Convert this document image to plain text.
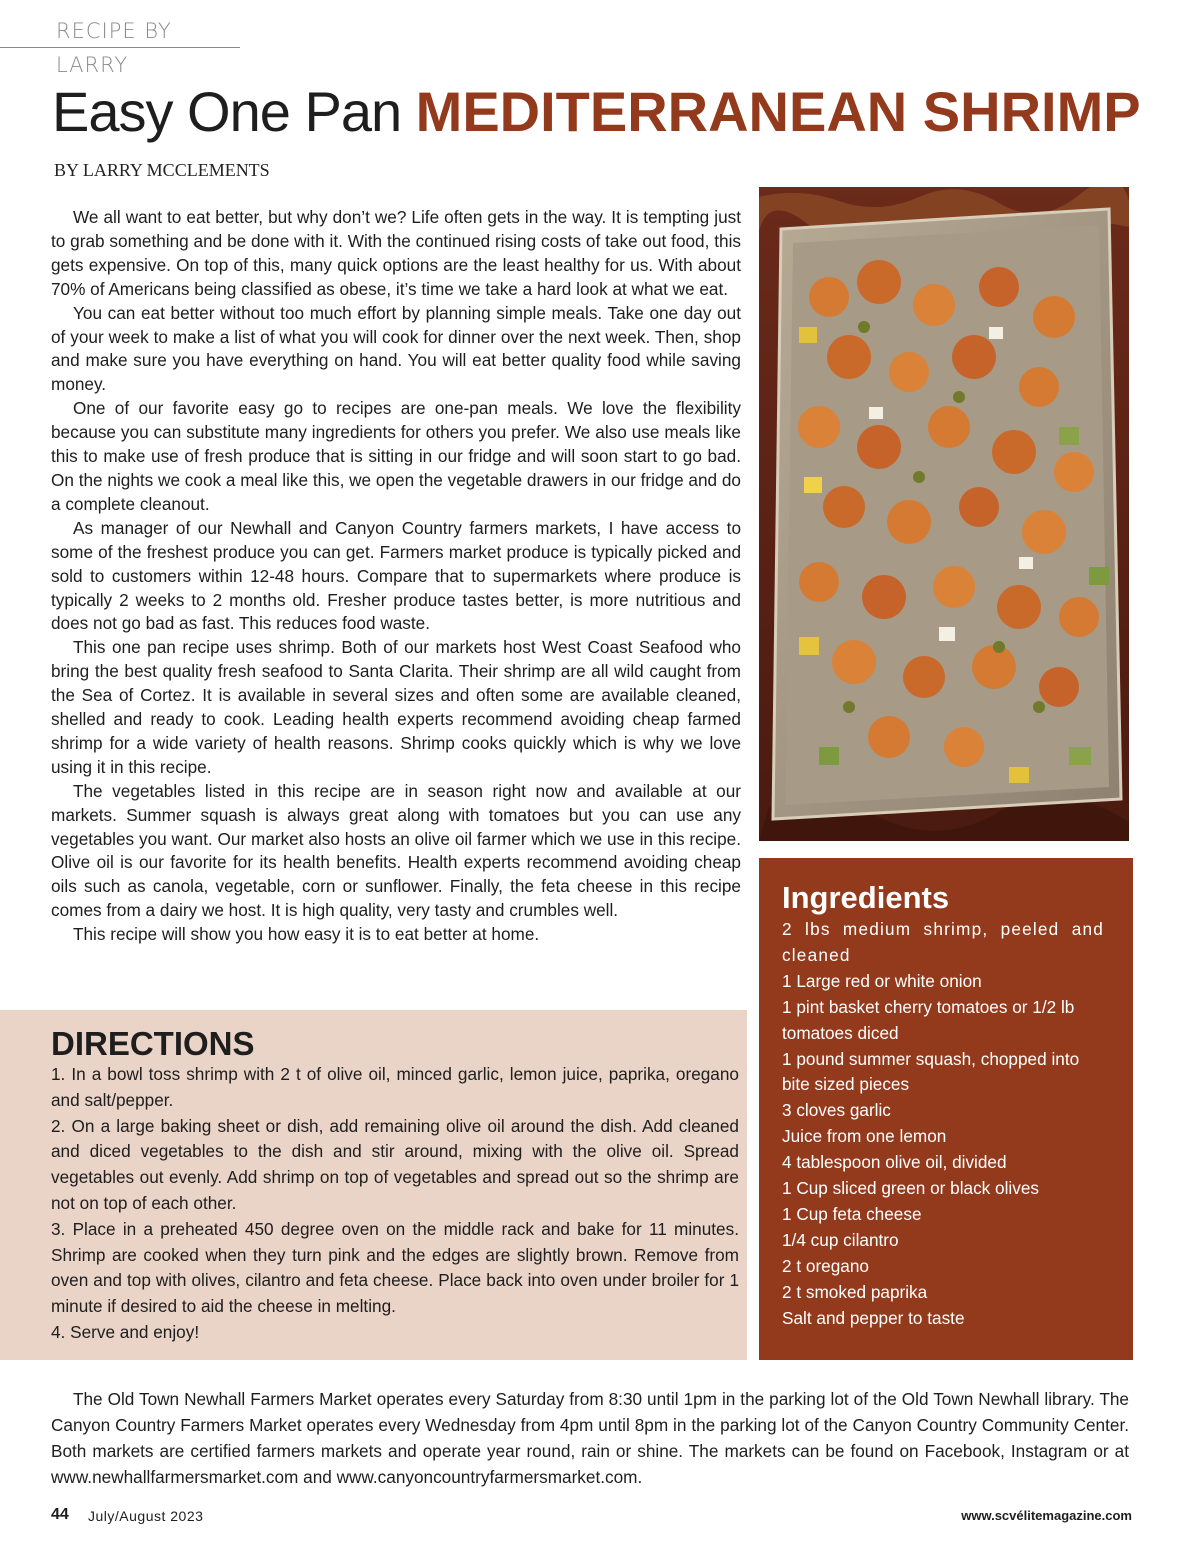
RECIPE BY LARRY
Easy One Pan MEDITERRANEAN SHRIMP
BY LARRY MCCLEMENTS

We all want to eat better, but why don’t we? Life often gets in the way. It is tempting just to grab something and be done with it. With the continued rising costs of take out food, this gets expensive. On top of this, many quick options are the least healthy for us. With about 70% of Americans being classified as obese, it’s time we take a hard look at what we eat.

You can eat better without too much effort by planning simple meals. Take one day out of your week to make a list of what you will cook for dinner over the next week. Then, shop and make sure you have everything on hand. You will eat better quality food while saving money.

One of our favorite easy go to recipes are one-pan meals. We love the flexibility because you can substitute many ingredients for others you prefer. We also use meals like this to make use of fresh produce that is sitting in our fridge and will soon start to go bad. On the nights we cook a meal like this, we open the vegetable drawers in our fridge and do a complete cleanout.

As manager of our Newhall and Canyon Country farmers markets, I have access to some of the freshest produce you can get. Farmers market produce is typically picked and sold to customers within 12-48 hours. Compare that to supermarkets where produce is typically 2 weeks to 2 months old. Fresher produce tastes better, is more nutritious and does not go bad as fast. This reduces food waste.

This one pan recipe uses shrimp. Both of our markets host West Coast Seafood who bring the best quality fresh seafood to Santa Clarita. Their shrimp are all wild caught from the Sea of Cortez. It is available in several sizes and often some are available cleaned, shelled and ready to cook. Leading health experts recommend avoiding cheap farmed shrimp for a wide variety of health reasons. Shrimp cooks quickly which is why we love using it in this recipe.

The vegetables listed in this recipe are in season right now and available at our markets. Summer squash is always great along with tomatoes but you can use any vegetables you want. Our market also hosts an olive oil farmer which we use in this recipe. Olive oil is our favorite for its health benefits. Health experts recommend avoiding cheap oils such as canola, vegetable, corn or sunflower. Finally, the feta cheese in this recipe comes from a dairy we host. It is high quality, very tasty and crumbles well.

This recipe will show you how easy it is to eat better at home.

DIRECTIONS

1. In a bowl toss shrimp with 2 t of olive oil, minced garlic, lemon juice, paprika, oregano and salt/pepper.

2. On a large baking sheet or dish, add remaining olive oil around the dish. Add cleaned and diced vegetables to the dish and stir around, mixing with the olive oil. Spread vegetables out evenly. Add shrimp on top of vegetables and spread out so the shrimp are not on top of each other.

3. Place in a preheated 450 degree oven on the middle rack and bake for 11 minutes. Shrimp are cooked when they turn pink and the edges are slightly brown. Remove from oven and top with olives, cilantro and feta cheese. Place back into oven under broiler for 1 minute if desired to aid the cheese in melting.

4. Serve and enjoy!

Ingredients
2 lbs medium shrimp, peeled and cleaned
1 Large red or white onion
1 pint basket cherry tomatoes or 1/2 lb tomatoes diced
1 pound summer squash, chopped into bite sized pieces
3 cloves garlic
Juice from one lemon
4 tablespoon olive oil, divided
1 Cup sliced green or black olives
1 Cup feta cheese
1/4 cup cilantro
2 t oregano
2 t smoked paprika
Salt and pepper to taste

The Old Town Newhall Farmers Market operates every Saturday from 8:30 until 1pm in the parking lot of the Old Town Newhall library. The Canyon Country Farmers Market operates every Wednesday from 4pm until 8pm in the parking lot of the Canyon Country Community Center. Both markets are certified farmers markets and operate year round, rain or shine. The markets can be found on Facebook, Instagram or at www.newhallfarmersmarket.com and www.canyoncountryfarmersmarket.com.

44 July/August 2023	www.scvélitemagazine.com
